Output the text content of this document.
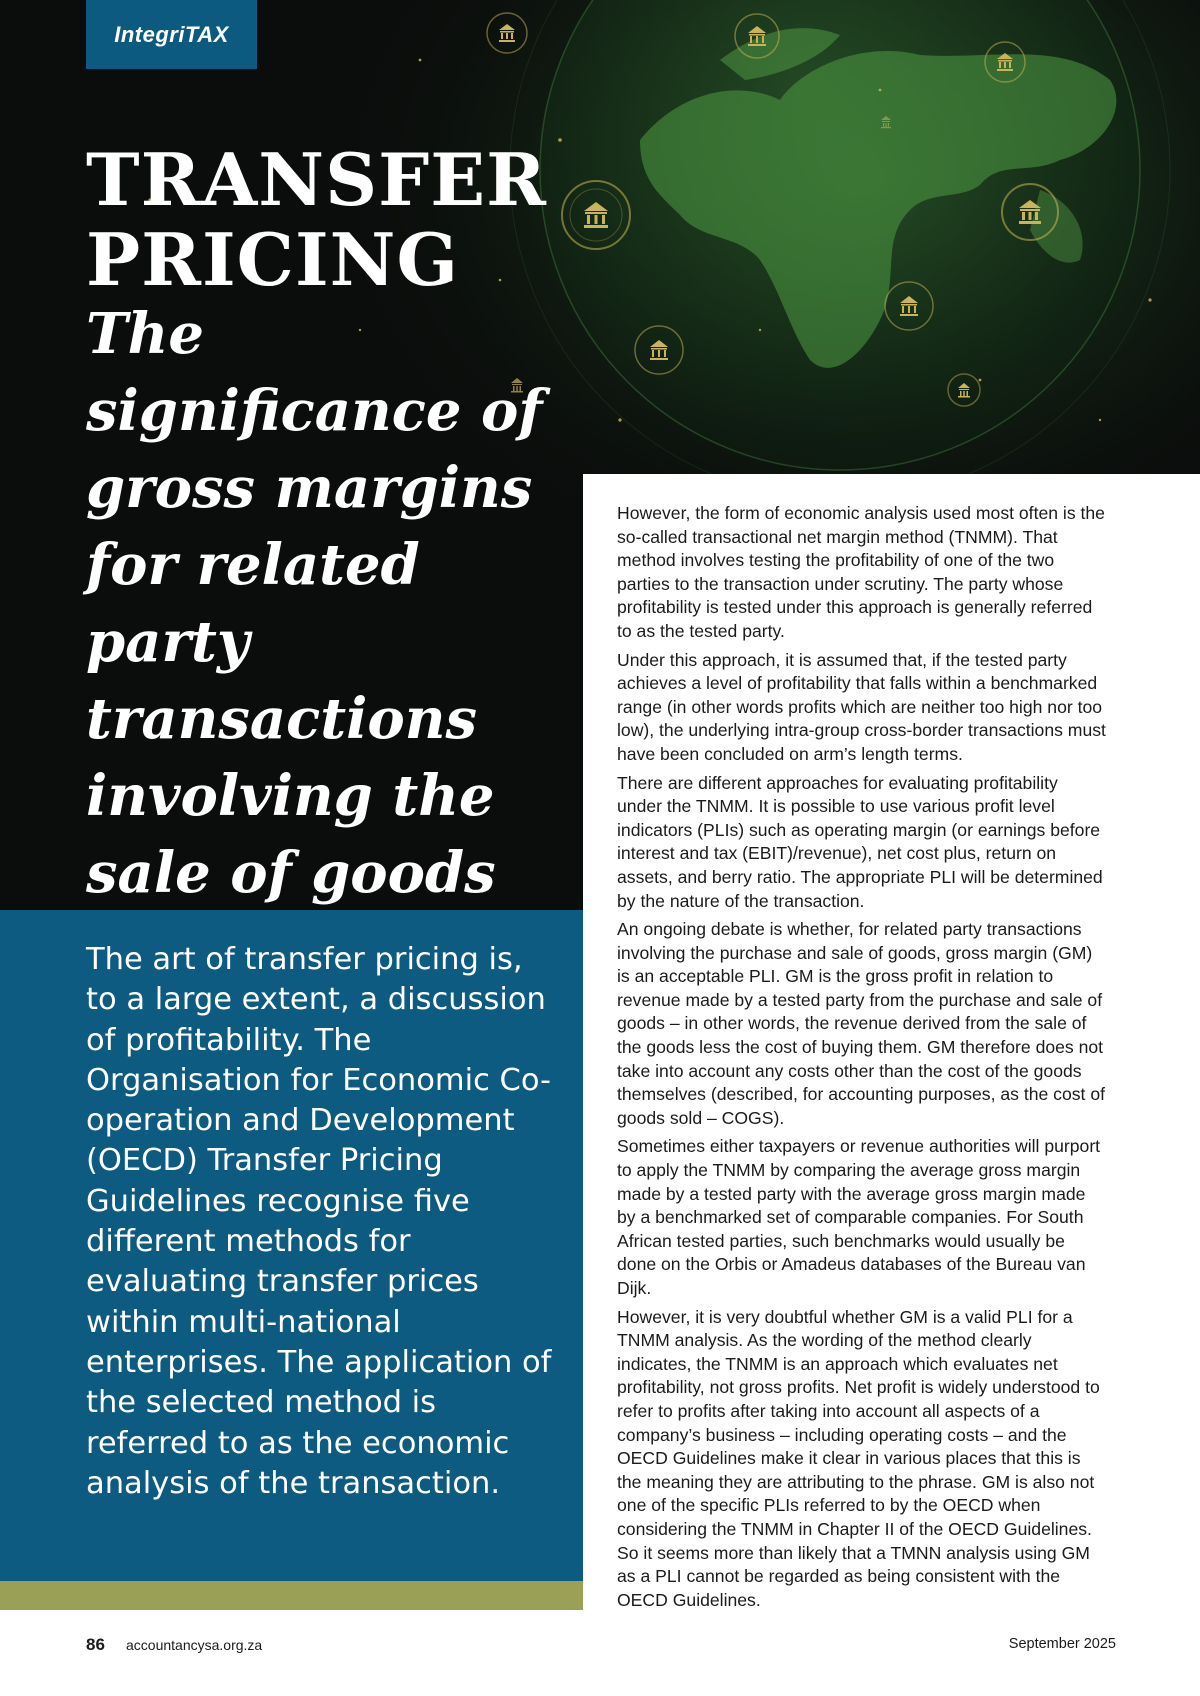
IntegriTAX
TRANSFER
PRICING
The significance of gross margins for related party transactions involving the sale of goods

The art of transfer pricing is, to a large extent, a discussion of profitability. The Organisation for Economic Co-operation and Development (OECD) Transfer Pricing Guidelines recognise five different methods for evaluating transfer prices within multi-national enterprises. The application of the selected method is referred to as the economic analysis of the transaction.

However, the form of economic analysis used most often is the so-called transactional net margin method (TNMM). That method involves testing the profitability of one of the two parties to the transaction under scrutiny. The party whose profitability is tested under this approach is generally referred to as the tested party.

Under this approach, it is assumed that, if the tested party achieves a level of profitability that falls within a benchmarked range (in other words profits which are neither too high nor too low), the underlying intra-group cross-border transactions must have been concluded on arm’s length terms.

There are different approaches for evaluating profitability under the TNMM. It is possible to use various profit level indicators (PLIs) such as operating margin (or earnings before interest and tax (EBIT)/revenue), net cost plus, return on assets, and berry ratio. The appropriate PLI will be determined by the nature of the transaction.

An ongoing debate is whether, for related party transactions involving the purchase and sale of goods, gross margin (GM) is an acceptable PLI. GM is the gross profit in relation to revenue made by a tested party from the purchase and sale of goods – in other words, the revenue derived from the sale of the goods less the cost of buying them. GM therefore does not take into account any costs other than the cost of the goods themselves (described, for accounting purposes, as the cost of goods sold – COGS).

Sometimes either taxpayers or revenue authorities will purport to apply the TNMM by comparing the average gross margin made by a tested party with the average gross margin made by a benchmarked set of comparable companies. For South African tested parties, such benchmarks would usually be done on the Orbis or Amadeus databases of the Bureau van Dijk.

However, it is very doubtful whether GM is a valid PLI for a TNMM analysis. As the wording of the method clearly indicates, the TNMM is an approach which evaluates net profitability, not gross profits. Net profit is widely understood to refer to profits after taking into account all aspects of a company’s business – including operating costs – and the OECD Guidelines make it clear in various places that this is the meaning they are attributing to the phrase. GM is also not one of the specific PLIs referred to by the OECD when considering the TNMM in Chapter II of the OECD Guidelines. So it seems more than likely that a TMNN analysis using GM as a PLI cannot be regarded as being consistent with the OECD Guidelines.

86 accountancysa.org.za	September 2025
